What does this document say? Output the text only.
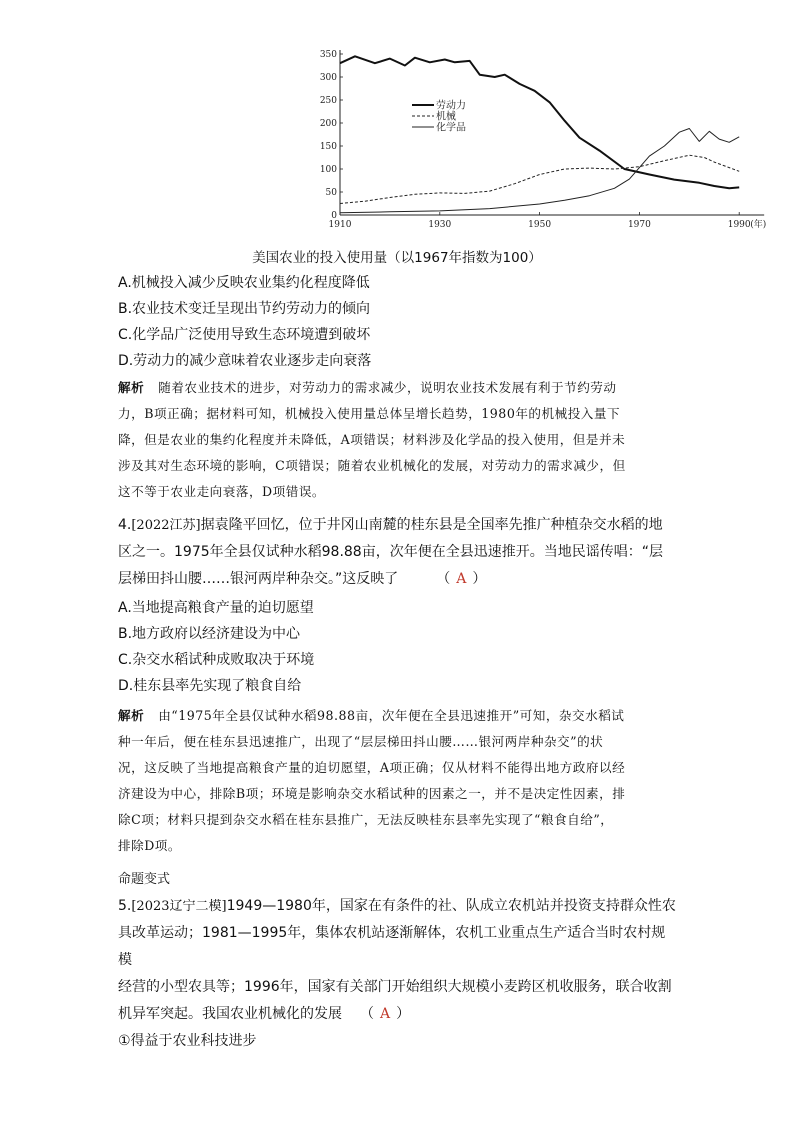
0
50
100
150
200
250
300
350
1910	1930	1950	1970	1990 (年)
劳动力
机械
化学品
美国农业的投入使用量（以1967年指数为100）
A.机械投入减少反映农业集约化程度降低
B.农业技术变迁呈现出节约劳动力的倾向
C.化学品广泛使用导致生态环境遭到破坏
D.劳动力的减少意味着农业逐步走向衰落
解析 随着农业技术的进步，对劳动力的需求减少，说明农业技术发展有利于节约劳动
力，B项正确；据材料可知，机械投入使用量总体呈增长趋势，1980年的机械投入量下
降，但是农业的集约化程度并未降低，A项错误；材料涉及化学品的投入使用，但是并未
涉及其对生态环境的影响，C项错误；随着农业机械化的发展，对劳动力的需求减少，但
这不等于农业走向衰落，D项错误。
4.[2022江苏]据袁隆平回忆，位于井冈山南麓的桂东县是全国率先推广种植杂交水稻的地
区之一。1975年全县仅试种水稻98.88亩，次年便在全县迅速推开。当地民谣传唱：“层
层梯田抖山腰……银河两岸种杂交。”这反映了	（ A ）
A.当地提高粮食产量的迫切愿望
B.地方政府以经济建设为中心
C.杂交水稻试种成败取决于环境
D.桂东县率先实现了粮食自给
解析 由“1975年全县仅试种水稻98.88亩，次年便在全县迅速推开”可知，杂交水稻试
种一年后，便在桂东县迅速推广，出现了“层层梯田抖山腰……银河两岸种杂交”的状
况，这反映了当地提高粮食产量的迫切愿望，A项正确；仅从材料不能得出地方政府以经
济建设为中心，排除B项；环境是影响杂交水稻试种的因素之一，并不是决定性因素，排
除C项；材料只提到杂交水稻在桂东县推广，无法反映桂东县率先实现了“粮食自给”，
排除D项。
命题变式
5.[2023辽宁二模]1949—1980年，国家在有条件的社、队成立农机站并投资支持群众性农
具改革运动；1981—1995年，集体农机站逐渐解体，农机工业重点生产适合当时农村规模
经营的小型农具等；1996年，国家有关部门开始组织大规模小麦跨区机收服务，联合收割
机异军突起。我国农业机械化的发展 （ A ）
①得益于农业科技进步
